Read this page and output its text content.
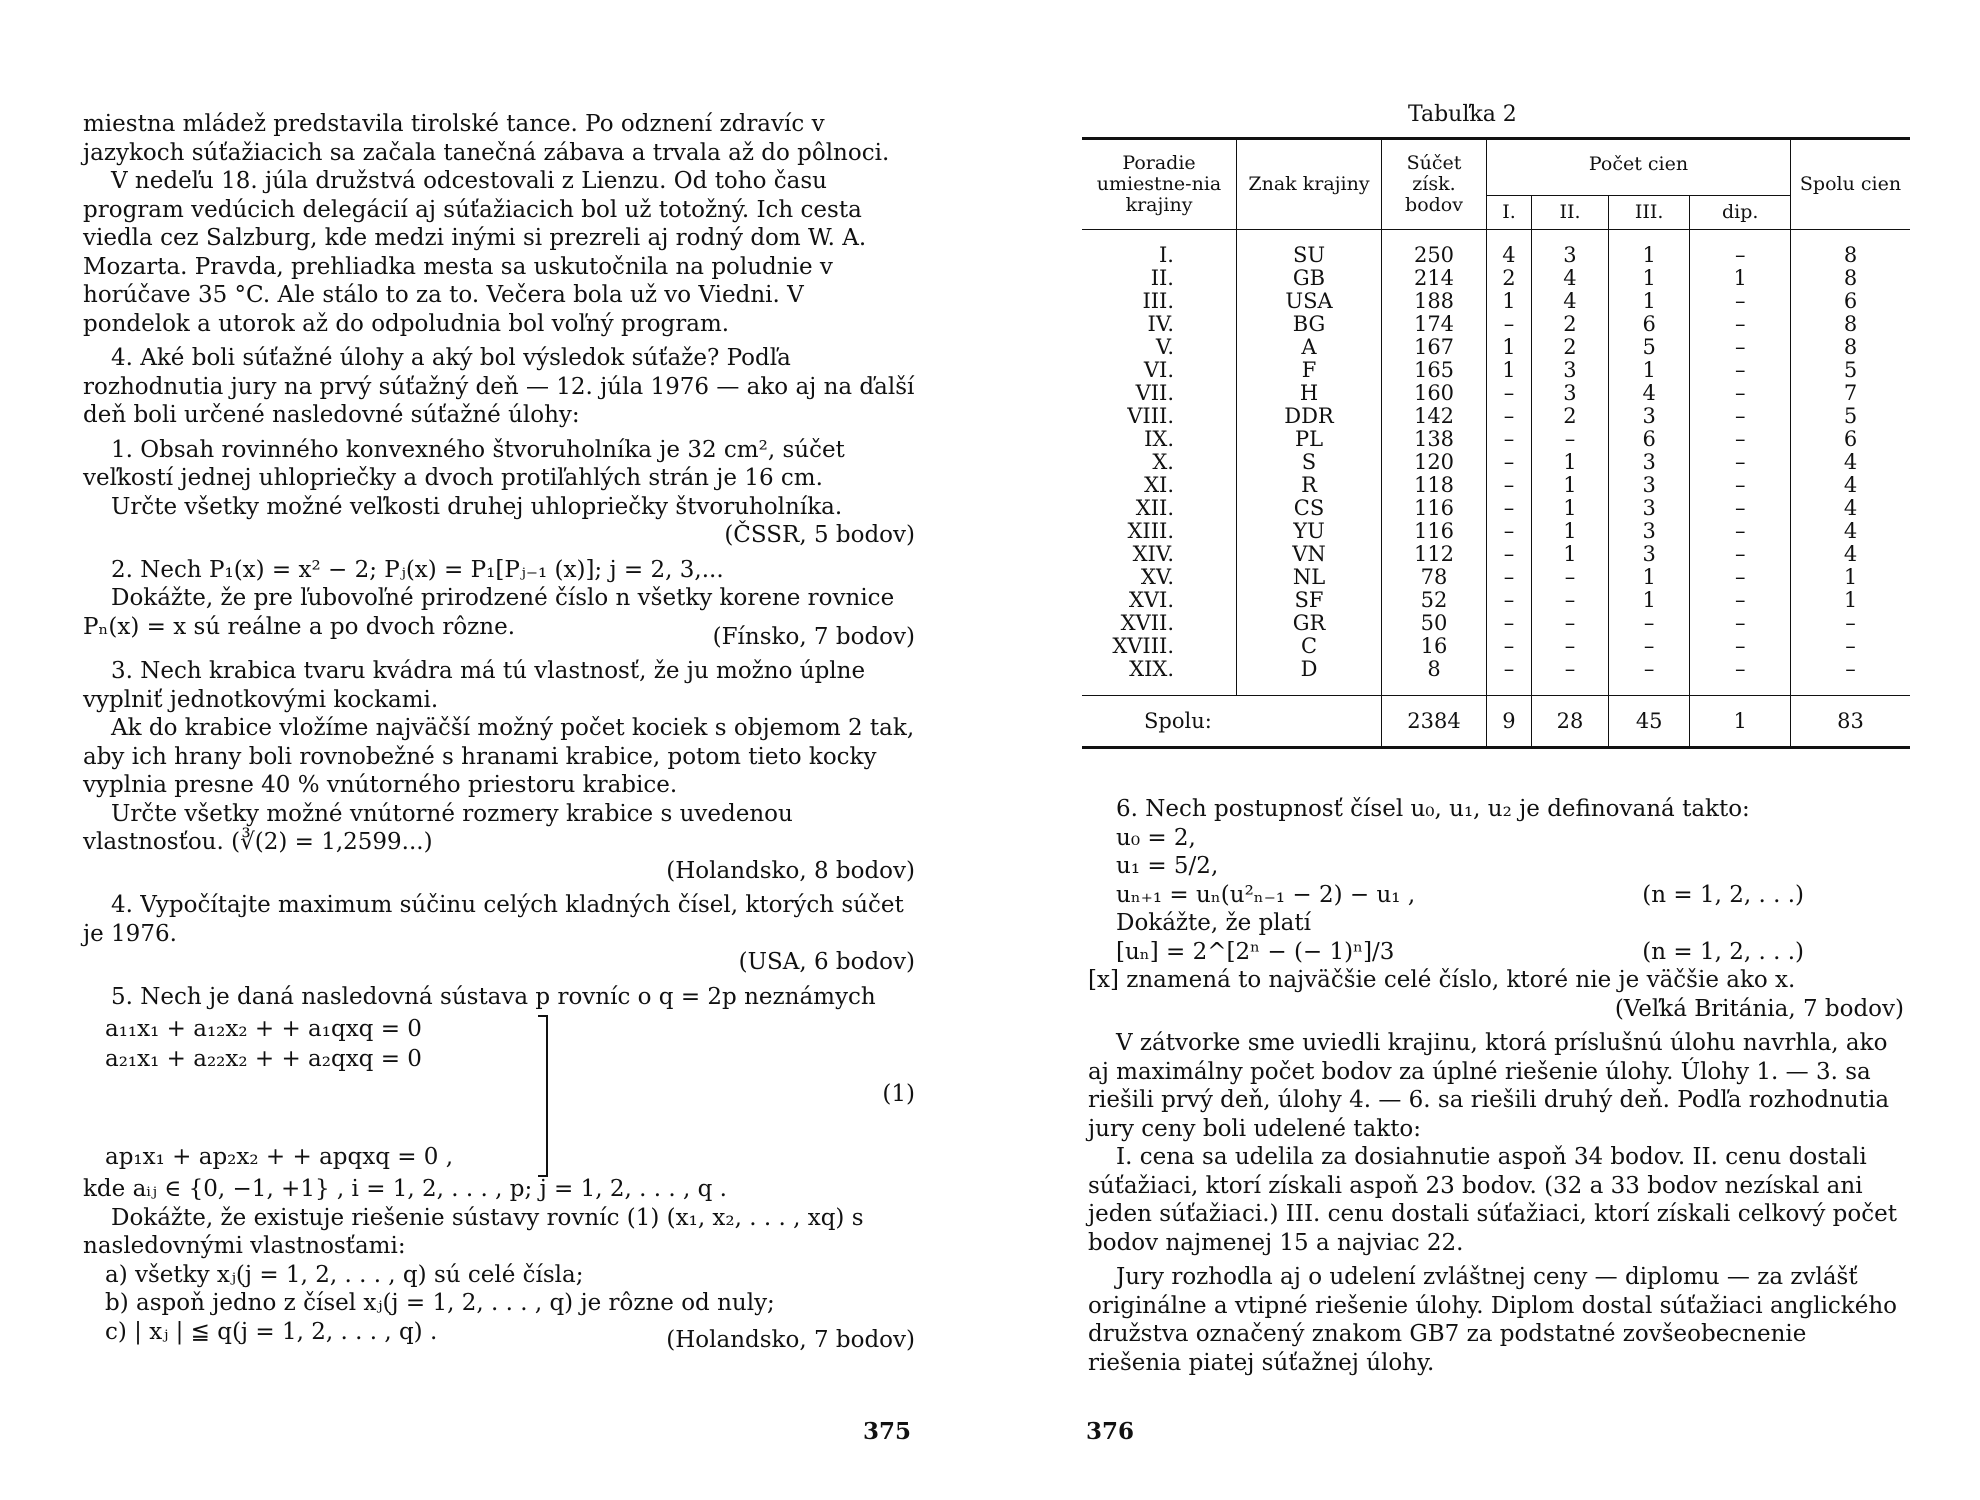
miestna mládež predstavila tirolské tance. Po odznení zdravíc v jazykoch súťažiacich sa začala tanečná zábava a trvala až do pôlnoci.

V nedeľu 18. júla družstvá odcestovali z Lienzu. Od toho času program vedúcich delegácií aj súťažiacich bol už totožný. Ich cesta viedla cez Salzburg, kde medzi inými si prezreli aj rodný dom W. A. Mozarta. Pravda, prehliadka mesta sa uskutočnila na poludnie v horúčave 35 °C. Ale stálo to za to. Večera bola už vo Viedni. V pondelok a utorok až do odpoludnia bol voľný program.

4. Aké boli súťažné úlohy a aký bol výsledok súťaže? Podľa rozhodnutia jury na prvý súťažný deň — 12. júla 1976 — ako aj na ďalší deň boli určené nasledovné súťažné úlohy:

1. Obsah rovinného konvexného štvoruholníka je 32 cm², súčet veľkostí jednej uhlopriečky a dvoch protiľahlých strán je 16 cm.

Určte všetky možné veľkosti druhej uhlopriečky štvoruholníka.

(ČSSR, 5 bodov)

2. Nech P₁(x) = x² − 2; Pⱼ(x) = P₁[Pⱼ₋₁ (x)]; j = 2, 3,...

Dokážte, že pre ľubovoľné prirodzené číslo n všetky korene rovnice

Pₙ(x) = x sú reálne a po dvoch rôzne.	(Fínsko, 7 bodov)

3. Nech krabica tvaru kvádra má tú vlastnosť, že ju možno úplne vyplniť jednotkovými kockami.

Ak do krabice vložíme najväčší možný počet kociek s objemom 2 tak, aby ich hrany boli rovnobežné s hranami krabice, potom tieto kocky vyplnia presne 40 % vnútorného priestoru krabice.

Určte všetky možné vnútorné rozmery krabice s uvedenou vlastnosťou. (∛(2) = 1,2599...)

(Holandsko, 8 bodov)

4. Vypočítajte maximum súčinu celých kladných čísel, ktorých súčet je 1976.

(USA, 6 bodov)

5. Nech je daná nasledovná sústava p rovníc o q = 2p neznámych

a₁₁x₁ + a₁₂x₂ + + a₁qxq = 0
a₂₁x₁ + a₂₂x₂ + + a₂qxq = 0
ap₁x₁ + ap₂x₂ + + apqxq = 0 ,
(1)

kde aᵢⱼ ∈ {0, −1, +1} , i = 1, 2, . . . , p; j = 1, 2, . . . , q .

Dokážte, že existuje riešenie sústavy rovníc (1) (x₁, x₂, . . . , xq) s nasledovnými vlastnosťami:

a) všetky xⱼ(j = 1, 2, . . . , q) sú celé čísla;

b) aspoň jedno z čísel xⱼ(j = 1, 2, . . . , q) je rôzne od nuly;

c) | xⱼ | ≦ q(j = 1, 2, . . . , q) .	(Holandsko, 7 bodov)
375
Tabuľka 2
Poradie umiestne-nia krajiny	Znak krajiny	Súčet získ. bodov	Počet cien				Spolu cien
			I.	II.	III.	dip.	

I.	SU	250	4	3	1	–	8
II.	GB	214	2	4	1	1	8
III.	USA	188	1	4	1	–	6
IV.	BG	174	–	2	6	–	8
V.	A	167	1	2	5	–	8
VI.	F	165	1	3	1	–	5
VII.	H	160	–	3	4	–	7
VIII.	DDR	142	–	2	3	–	5
IX.	PL	138	–	–	6	–	6
X.	S	120	–	1	3	–	4
XI.	R	118	–	1	3	–	4
XII.	CS	116	–	1	3	–	4
XIII.	YU	116	–	1	3	–	4
XIV.	VN	112	–	1	3	–	4
XV.	NL	78	–	–	1	–	1
XVI.	SF	52	–	–	1	–	1
XVII.	GR	50	–	–	–	–	–
XVIII.	C	16	–	–	–	–	–
XIX.	D	8	–	–	–	–	–

Spolu:		2384	9	28	45	1	83

6. Nech postupnosť čísel u₀, u₁, u₂ je definovaná takto:

u₀ = 2,

u₁ = 5/2,

uₙ₊₁ = uₙ(u²ₙ₋₁ − 2) − u₁ ,	(n = 1, 2, . . .)

Dokážte, že platí

[uₙ] = 2^[2ⁿ − (− 1)ⁿ]/3	(n = 1, 2, . . .)

[x] znamená to najväčšie celé číslo, ktoré nie je väčšie ako x.

(Veľká Británia, 7 bodov)

V zátvorke sme uviedli krajinu, ktorá príslušnú úlohu navrhla, ako aj maximálny počet bodov za úplné riešenie úlohy. Úlohy 1. — 3. sa riešili prvý deň, úlohy 4. — 6. sa riešili druhý deň. Podľa rozhodnutia jury ceny boli udelené takto:

I. cena sa udelila za dosiahnutie aspoň 34 bodov. II. cenu dostali súťažiaci, ktorí získali aspoň 23 bodov. (32 a 33 bodov nezískal ani jeden súťažiaci.) III. cenu dostali súťažiaci, ktorí získali celkový počet bodov najmenej 15 a najviac 22.

Jury rozhodla aj o udelení zvláštnej ceny — diplomu — za zvlášť originálne a vtipné riešenie úlohy. Diplom dostal súťažiaci anglického družstva označený znakom GB7 za podstatné zovšeobecnenie riešenia piatej súťažnej úlohy.

376
